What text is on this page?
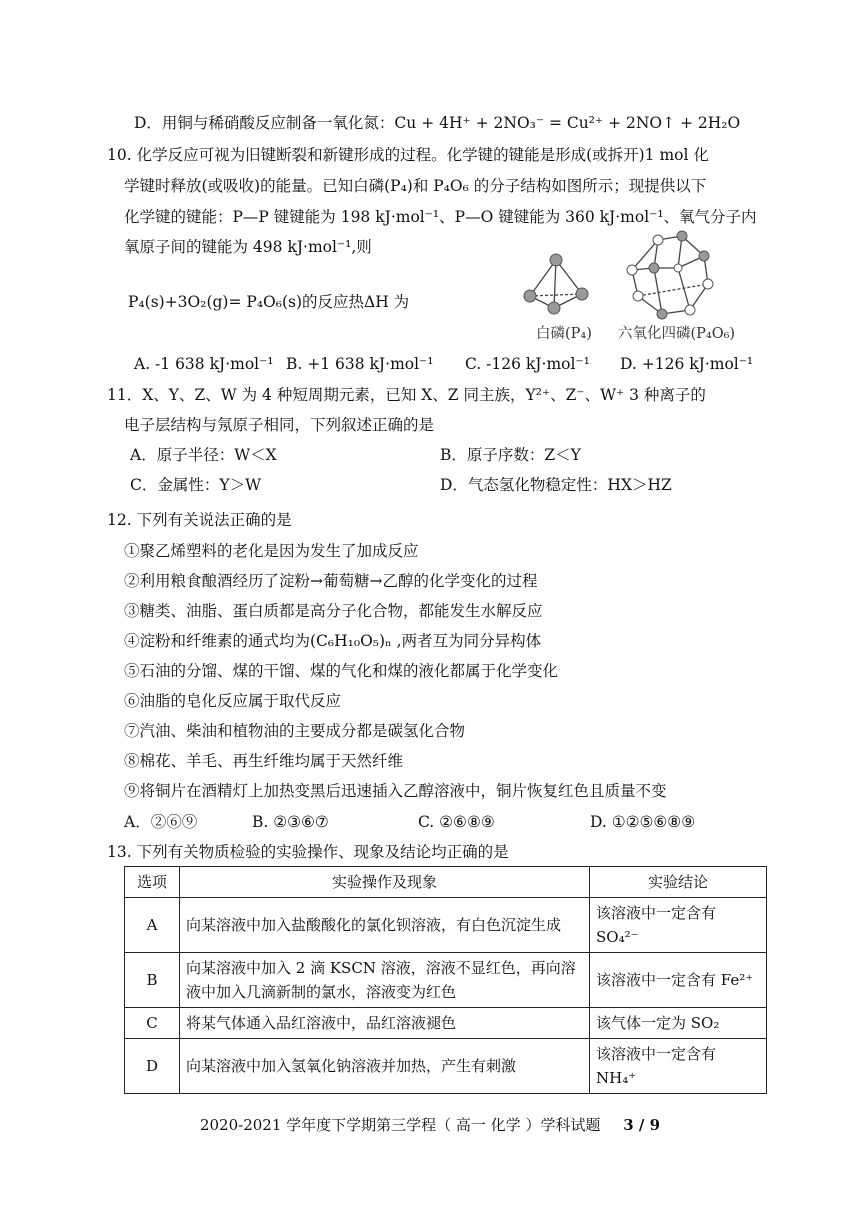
D．用铜与稀硝酸反应制备一氧化氮：Cu + 4H⁺ + 2NO₃⁻ = Cu²⁺ + 2NO↑ + 2H₂O
10. 化学反应可视为旧键断裂和新键形成的过程。化学键的键能是形成(或拆开)1 mol 化
学键时释放(或吸收)的能量。已知白磷(P₄)和 P₄O₆ 的分子结构如图所示；现提供以下
化学键的键能：P—P 键键能为 198 kJ·mol⁻¹、P—O 键键能为 360 kJ·mol⁻¹、氧气分子内
氧原子间的键能为 498 kJ·mol⁻¹,则
P₄(s)+3O₂(g)= P₄O₆(s)的反应热ΔH 为
白磷(P₄) 六氧化四磷(P₄O₆)
A. -1 638 kJ·mol⁻¹ B. +1 638 kJ·mol⁻¹ C. -126 kJ·mol⁻¹ D. +126 kJ·mol⁻¹
11．X、Y、Z、W 为 4 种短周期元素，已知 X、Z 同主族，Y²⁺、Z⁻、W⁺ 3 种离子的
电子层结构与氖原子相同，下列叙述正确的是
A．原子半径：W＜X	B．原子序数：Z＜Y
C．金属性：Y＞W	D．气态氢化物稳定性：HX＞HZ
12. 下列有关说法正确的是
①聚乙烯塑料的老化是因为发生了加成反应
②利用粮食酿酒经历了淀粉→葡萄糖→乙醇的化学变化的过程
③糖类、油脂、蛋白质都是高分子化合物，都能发生水解反应
④淀粉和纤维素的通式均为(C₆H₁₀O₅)ₙ ,两者互为同分异构体
⑤石油的分馏、煤的干馏、煤的气化和煤的液化都属于化学变化
⑥油脂的皂化反应属于取代反应
⑦汽油、柴油和植物油的主要成分都是碳氢化合物
⑧棉花、羊毛、再生纤维均属于天然纤维
⑨将铜片在酒精灯上加热变黑后迅速插入乙醇溶液中，铜片恢复红色且质量不变
A．②⑥⑨	B. ②③⑥⑦	C. ②⑥⑧⑨	D. ①②⑤⑥⑧⑨
13. 下列有关物质检验的实验操作、现象及结论均正确的是
选项	实验操作及现象	实验结论
A	向某溶液中加入盐酸酸化的氯化钡溶液，有白色沉淀生成	该溶液中一定含有 SO₄²⁻
B	向某溶液中加入 2 滴 KSCN 溶液，溶液不显红色，再向溶液中加入几滴新制的氯水，溶液变为红色	该溶液中一定含有 Fe²⁺
C	将某气体通入品红溶液中，品红溶液褪色	该气体一定为 SO₂
D	向某溶液中加入氢氧化钠溶液并加热，产生有刺激	该溶液中一定含有 NH₄⁺
2020-2021 学年度下学期第三学程（ 高一 化学 ）学科试题 3 / 9
